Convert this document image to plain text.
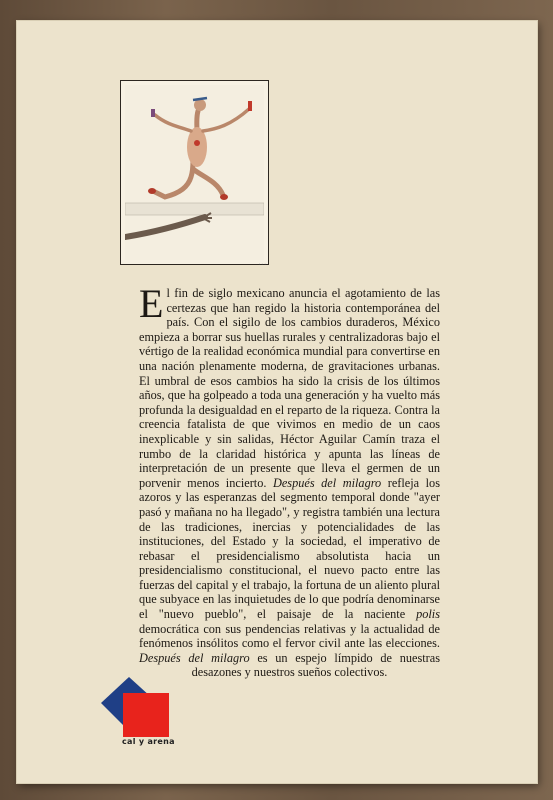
...
El fin de siglo mexicano anuncia el agotamiento de las certezas que han regido la historia contemporánea del país. Con el sigilo de los cambios duraderos, México empieza a borrar sus huellas rurales y centralizadoras bajo el vértigo de la realidad económica mundial para convertirse en una nación plenamente moderna, de gravitaciones urbanas. El umbral de esos cambios ha sido la crisis de los últimos años, que ha golpeado a toda una generación y ha vuelto más profunda la desigualdad en el reparto de la riqueza. Contra la creencia fatalista de que vivimos en medio de un caos inexplicable y sin salidas, Héctor Aguilar Camín traza el rumbo de la claridad histórica y apunta las líneas de interpretación de un presente que lleva el germen de un porvenir menos incierto. Después del milagro refleja los azoros y las esperanzas del segmento temporal donde "ayer pasó y mañana no ha llegado", y registra también una lectura de las tradiciones, inercias y potencialidades de las instituciones, del Estado y la sociedad, el imperativo de rebasar el presidencialismo absolutista hacia un presidencialismo constitucional, el nuevo pacto entre las fuerzas del capital y el trabajo, la fortuna de un aliento plural que subyace en las inquietudes de lo que podría denominarse el "nuevo pueblo", el paisaje de la naciente polis democrática con sus pendencias relativas y la actualidad de fenómenos insólitos como el fervor civil ante las elecciones. Después del milagro es un espejo límpido de nuestras desazones y nuestros sueños colectivos.
cal y arena
